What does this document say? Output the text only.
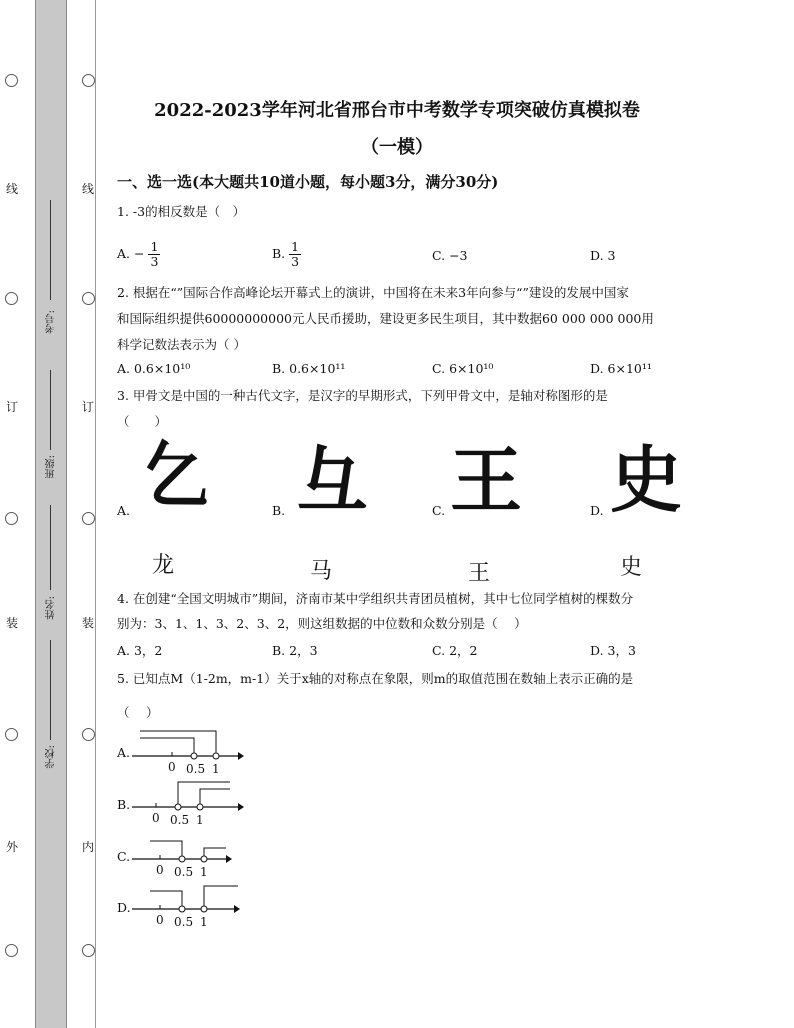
线
订
装
外
线
订
装
内
考号:
班级:
姓名:
学校:
2022-2023学年河北省邢台市中考数学专项突破仿真模拟卷
（一模）
一、选一选(本大题共10道小题，每小题3分，满分30分)
1. -3的相反数是（　）
A. − $\frac{1}{3}$	B. $\frac{1}{3}$	C. −3	D. 3
2. 根据在“”国际合作高峰论坛开幕式上的演讲，中国将在未来3年向参与“”建设的发展中国家
和国际组织提供60000000000元人民币援助，建设更多民生项目，其中数据60 000 000 000用
科学记数法表示为（ ）
A. 0.6×10¹⁰	B. 0.6×10¹¹	C. 6×10¹⁰	D. 6×10¹¹
3. 甲骨文是中国的一种古代文字，是汉字的早期形式，下列甲骨文中，是轴对称图形的是
（　　）
A. 𠃉
龙
B. 彑
马
C. 王
王
D. 史
史
4. 在创建“全国文明城市”期间，济南市某中学组织共青团员植树，其中七位同学植树的棵数分
别为：3、1、1、3、2、3、2，则这组数据的中位数和众数分别是（　 ）
A. 3，2	B. 2，3	C. 2，2	D. 3，3
5. 已知点M（1-2m，m-1）关于x轴的对称点在象限，则m的取值范围在数轴上表示正确的是
（　 ）
A.
0 0.5 1
B.
0 0.5 1
C.
0 0.5 1
D.
0 0.5 1
